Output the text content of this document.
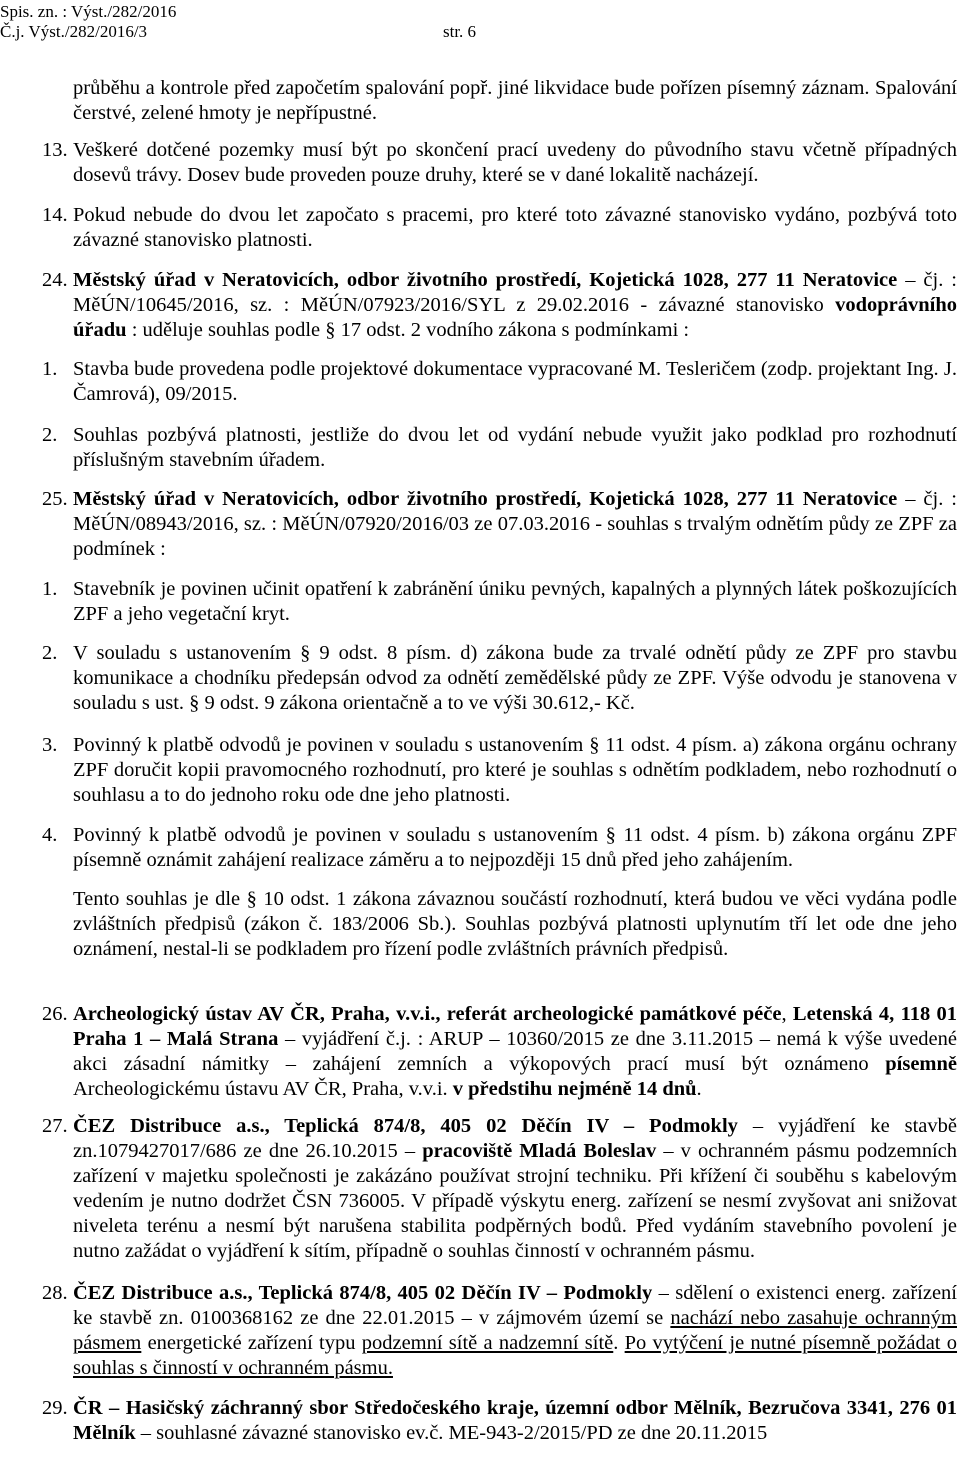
Spis. zn. : Výst./282/2016
Č.j. Výst./282/2016/3	str. 6
průběhu a kontrole před započetím spalování popř. jiné likvidace bude pořízen písemný záznam. Spalování čerstvé, zelené hmoty je nepřípustné.
13. Veškeré dotčené pozemky musí být po skončení prací uvedeny do původního stavu včetně případných dosevů trávy. Dosev bude proveden pouze druhy, které se v dané lokalitě nacházejí.
14. Pokud nebude do dvou let započato s pracemi, pro které toto závazné stanovisko vydáno, pozbývá toto závazné stanovisko platnosti.
24. Městský úřad v Neratovicích, odbor životního prostředí, Kojetická 1028, 277 11 Neratovice – čj. : MěÚN/10645/2016, sz. : MěÚN/07923/2016/SYL z 29.02.2016 - závazné stanovisko vodoprávního úřadu : uděluje souhlas podle § 17 odst. 2 vodního zákona s podmínkami :
1. Stavba bude provedena podle projektové dokumentace vypracované M. Tesleričem (zodp. projektant Ing. J. Čamrová), 09/2015.
2. Souhlas pozbývá platnosti, jestliže do dvou let od vydání nebude využit jako podklad pro rozhodnutí příslušným stavebním úřadem.
25. Městský úřad v Neratovicích, odbor životního prostředí, Kojetická 1028, 277 11 Neratovice – čj. : MěÚN/08943/2016, sz. : MěÚN/07920/2016/03 ze 07.03.2016 - souhlas s trvalým odnětím půdy ze ZPF za podmínek :
1. Stavebník je povinen učinit opatření k zabránění úniku pevných, kapalných a plynných látek poškozujících ZPF a jeho vegetační kryt.
2. V souladu s ustanovením § 9 odst. 8 písm. d) zákona bude za trvalé odnětí půdy ze ZPF pro stavbu komunikace a chodníku předepsán odvod za odnětí zemědělské půdy ze ZPF. Výše odvodu je stanovena v souladu s ust. § 9 odst. 9 zákona orientačně a to ve výši 30.612,- Kč.
3. Povinný k platbě odvodů je povinen v souladu s ustanovením § 11 odst. 4 písm. a) zákona orgánu ochrany ZPF doručit kopii pravomocného rozhodnutí, pro které je souhlas s odnětím podkladem, nebo rozhodnutí o souhlasu a to do jednoho roku ode dne jeho platnosti.
4. Povinný k platbě odvodů je povinen v souladu s ustanovením § 11 odst. 4 písm. b) zákona orgánu ZPF písemně oznámit zahájení realizace záměru a to nejpozději 15 dnů před jeho zahájením.
Tento souhlas je dle § 10 odst. 1 zákona závaznou součástí rozhodnutí, která budou ve věci vydána podle zvláštních předpisů (zákon č. 183/2006 Sb.). Souhlas pozbývá platnosti uplynutím tří let ode dne jeho oznámení, nestal-li se podkladem pro řízení podle zvláštních právních předpisů.
26. Archeologický ústav AV ČR, Praha, v.v.i., referát archeologické památkové péče, Letenská 4, 118 01 Praha 1 – Malá Strana – vyjádření č.j. : ARUP – 10360/2015 ze dne 3.11.2015 – nemá k výše uvedené akci zásadní námitky – zahájení zemních a výkopových prací musí být oznámeno písemně Archeologickému ústavu AV ČR, Praha, v.v.i. v předstihu nejméně 14 dnů.
27. ČEZ Distribuce a.s., Teplická 874/8, 405 02 Děčín IV – Podmokly – vyjádření ke stavbě zn.1079427017/686 ze dne 26.10.2015 – pracoviště Mladá Boleslav – v ochranném pásmu podzemních zařízení v majetku společnosti je zakázáno používat strojní techniku. Při křížení či souběhu s kabelovým vedením je nutno dodržet ČSN 736005. V případě výskytu energ. zařízení se nesmí zvyšovat ani snižovat niveleta terénu a nesmí být narušena stabilita podpěrných bodů. Před vydáním stavebního povolení je nutno zažádat o vyjádření k sítím, případně o souhlas činností v ochranném pásmu.
28. ČEZ Distribuce a.s., Teplická 874/8, 405 02 Děčín IV – Podmokly – sdělení o existenci energ. zařízení ke stavbě zn. 0100368162 ze dne 22.01.2015 – v zájmovém území se nachází nebo zasahuje ochranným pásmem energetické zařízení typu podzemní sítě a nadzemní sítě. Po vytýčení je nutné písemně požádat o souhlas s činností v ochranném pásmu.
29. ČR – Hasičský záchranný sbor Středočeského kraje, územní odbor Mělník, Bezručova 3341, 276 01 Mělník – souhlasné závazné stanovisko ev.č. ME-943-2/2015/PD ze dne 20.11.2015
